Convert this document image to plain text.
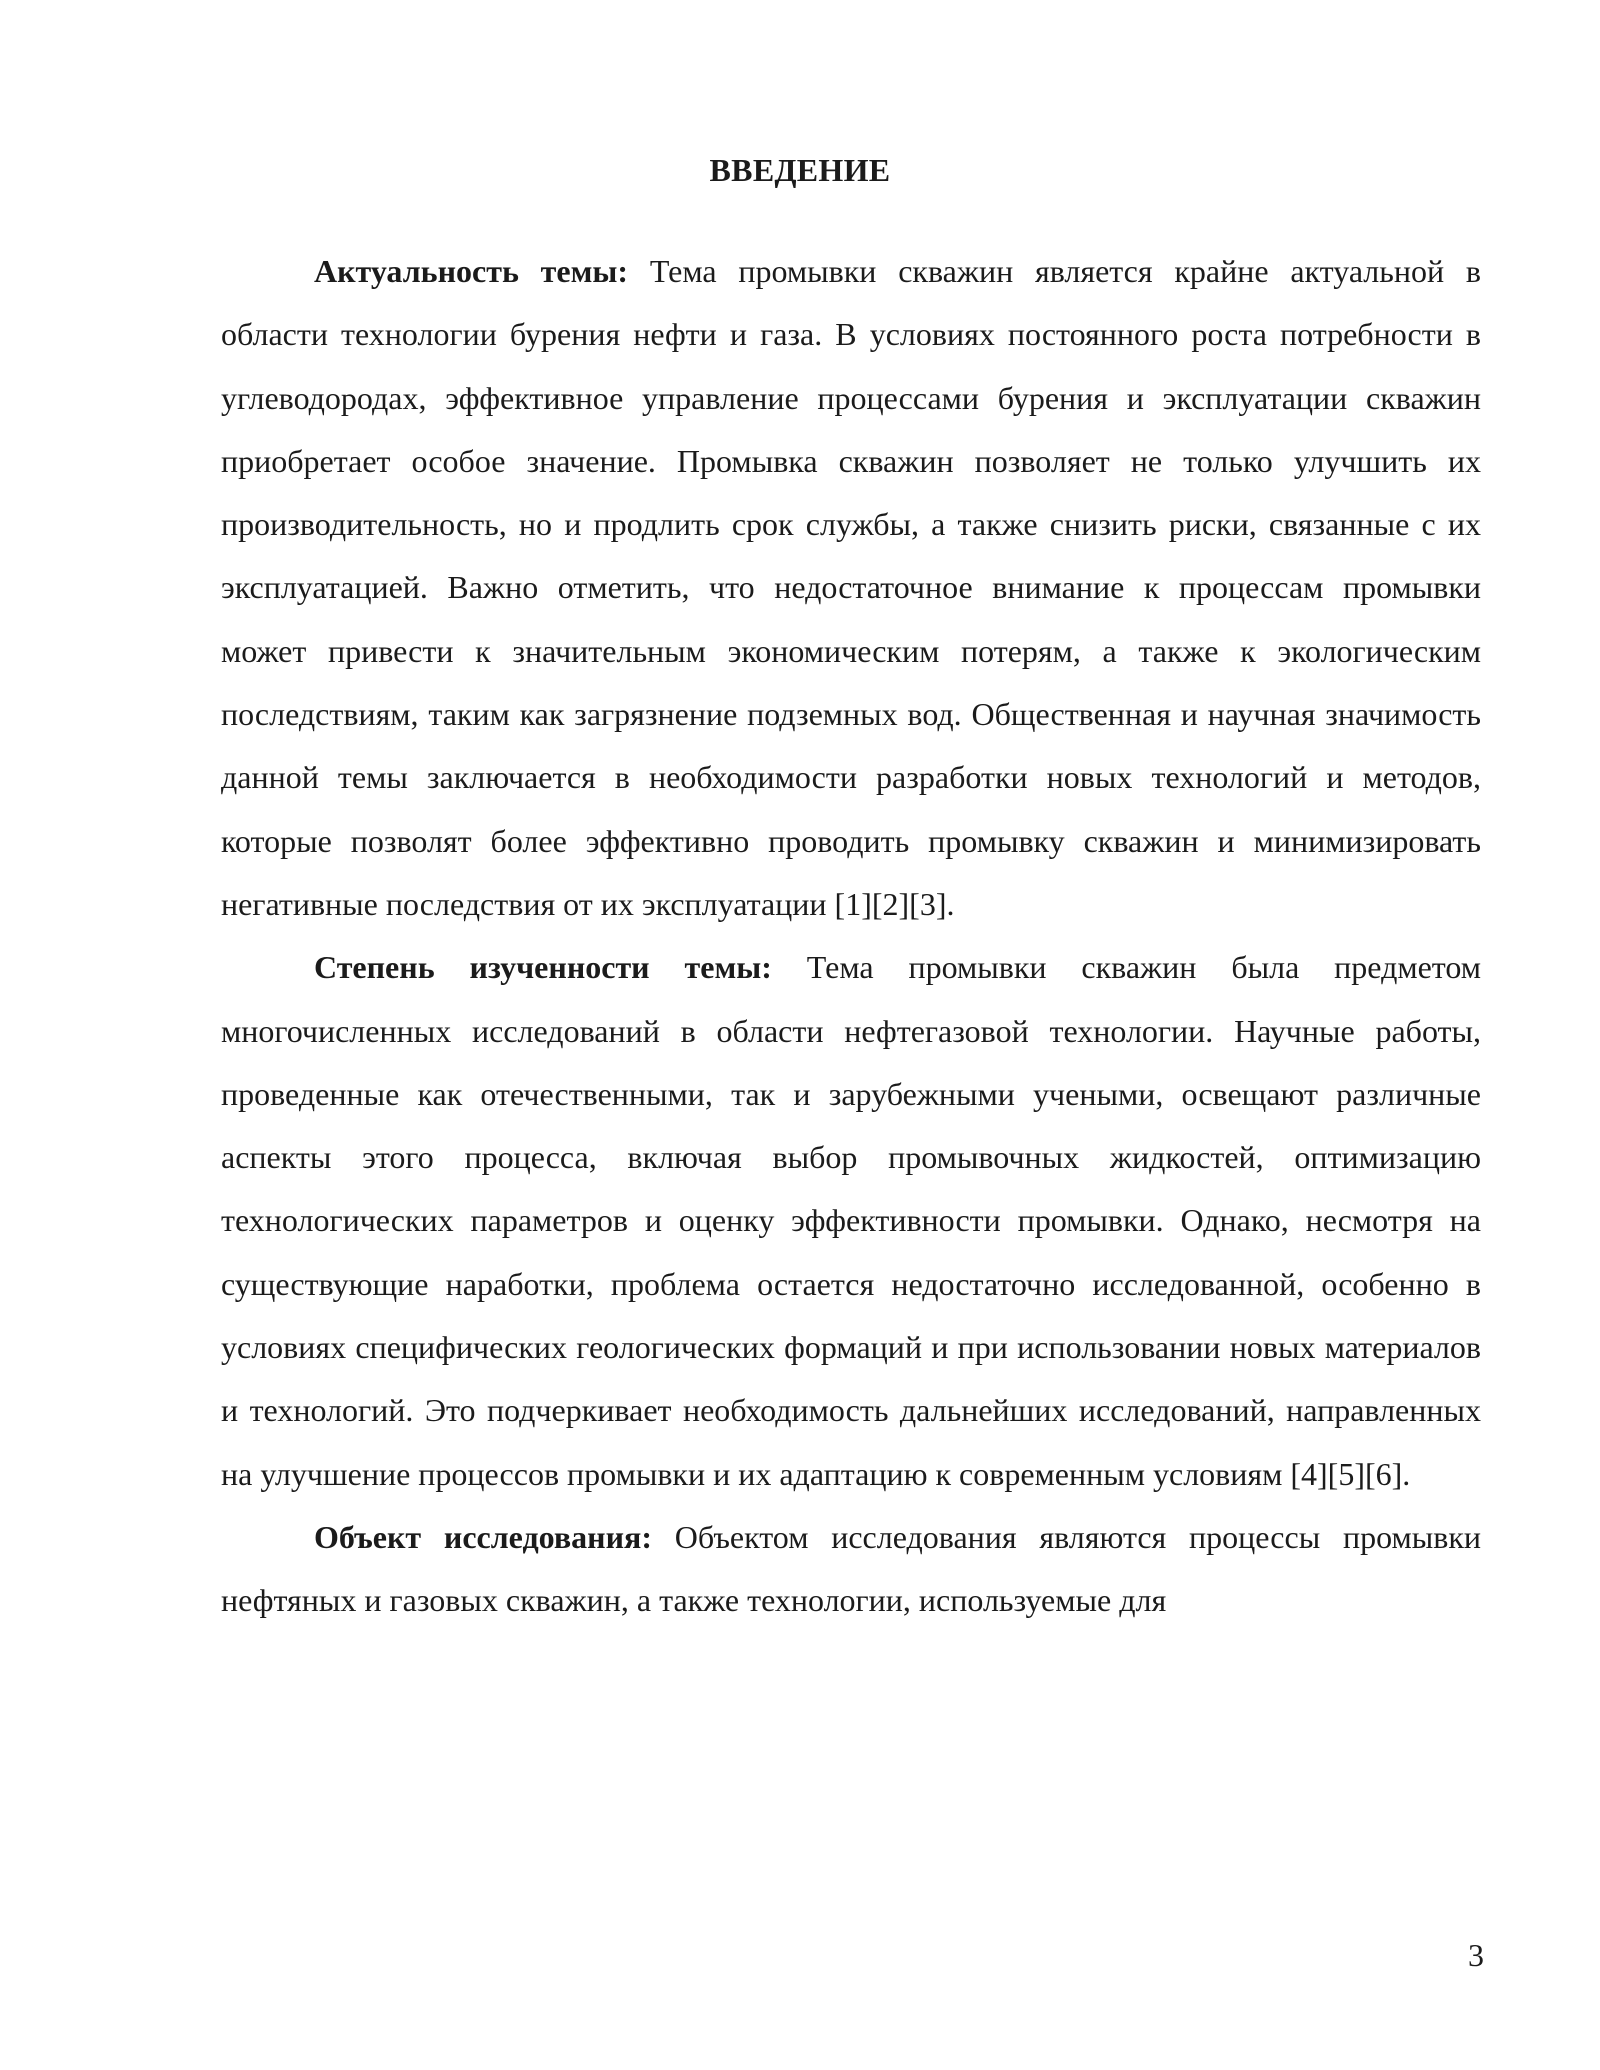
ВВЕДЕНИЕ

Актуальность темы: Тема промывки скважин является крайне актуальной в области технологии бурения нефти и газа. В условиях постоянного роста потребности в углеводородах, эффективное управление процессами бурения и эксплуатации скважин приобретает особое значение. Промывка скважин позволяет не только улучшить их производительность, но и продлить срок службы, а также снизить риски, связанные с их эксплуатацией. Важно отметить, что недостаточное внимание к процессам промывки может привести к значительным экономическим потерям, а также к экологическим последствиям, таким как загрязнение подземных вод. Общественная и научная значимость данной темы заключается в необходимости разработки новых технологий и методов, которые позволят более эффективно проводить промывку скважин и минимизировать негативные последствия от их эксплуатации [1][2][3].

Степень изученности темы: Тема промывки скважин была предметом многочисленных исследований в области нефтегазовой технологии. Научные работы, проведенные как отечественными, так и зарубежными учеными, освещают различные аспекты этого процесса, включая выбор промывочных жидкостей, оптимизацию технологических параметров и оценку эффективности промывки. Однако, несмотря на существующие наработки, проблема остается недостаточно исследованной, особенно в условиях специфических геологических формаций и при использовании новых материалов и технологий. Это подчеркивает необходимость дальнейших исследований, направленных на улучшение процессов промывки и их адаптацию к современным условиям [4][5][6].

Объект исследования: Объектом исследования являются процессы промывки нефтяных и газовых скважин, а также технологии, используемые для

3
